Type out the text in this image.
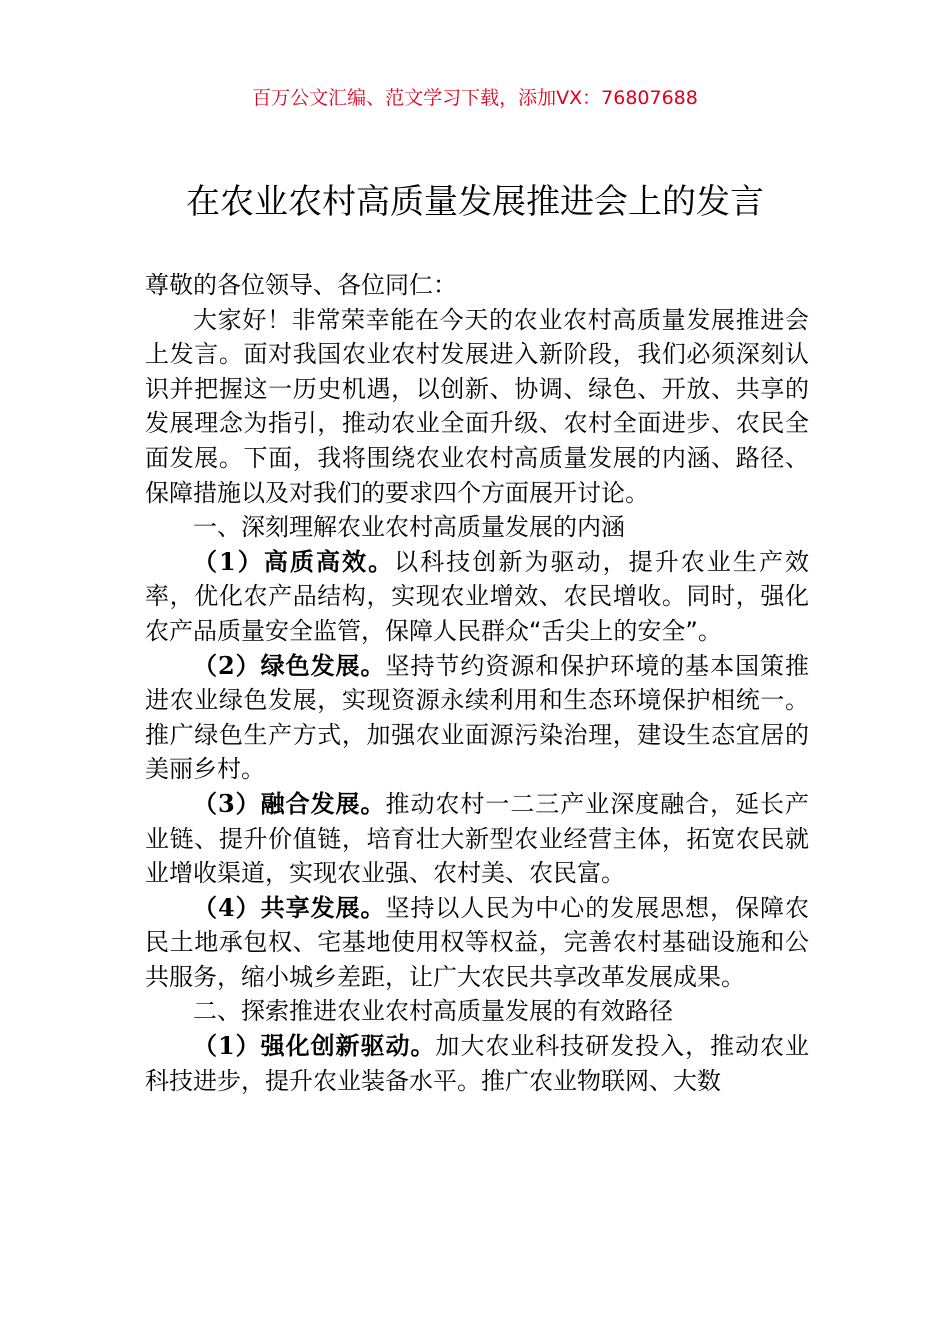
百万公文汇编、范文学习下载，添加VX：76807688
在农业农村高质量发展推进会上的发言

尊敬的各位领导、各位同仁：

大家好！非常荣幸能在今天的农业农村高质量发展推进会上发言。面对我国农业农村发展进入新阶段，我们必须深刻认识并把握这一历史机遇，以创新、协调、绿色、开放、共享的发展理念为指引，推动农业全面升级、农村全面进步、农民全面发展。下面，我将围绕农业农村高质量发展的内涵、路径、保障措施以及对我们的要求四个方面展开讨论。

一、深刻理解农业农村高质量发展的内涵

（1）高质高效。以科技创新为驱动，提升农业生产效率，优化农产品结构，实现农业增效、农民增收。同时，强化农产品质量安全监管，保障人民群众“舌尖上的安全”。

（2）绿色发展。坚持节约资源和保护环境的基本国策推进农业绿色发展，实现资源永续利用和生态环境保护相统一。推广绿色生产方式，加强农业面源污染治理，建设生态宜居的美丽乡村。

（3）融合发展。推动农村一二三产业深度融合，延长产业链、提升价值链，培育壮大新型农业经营主体，拓宽农民就业增收渠道，实现农业强、农村美、农民富。

（4）共享发展。坚持以人民为中心的发展思想，保障农民土地承包权、宅基地使用权等权益，完善农村基础设施和公共服务，缩小城乡差距，让广大农民共享改革发展成果。

二、探索推进农业农村高质量发展的有效路径

（1）强化创新驱动。加大农业科技研发投入，推动农业科技进步，提升农业装备水平。推广农业物联网、大数
